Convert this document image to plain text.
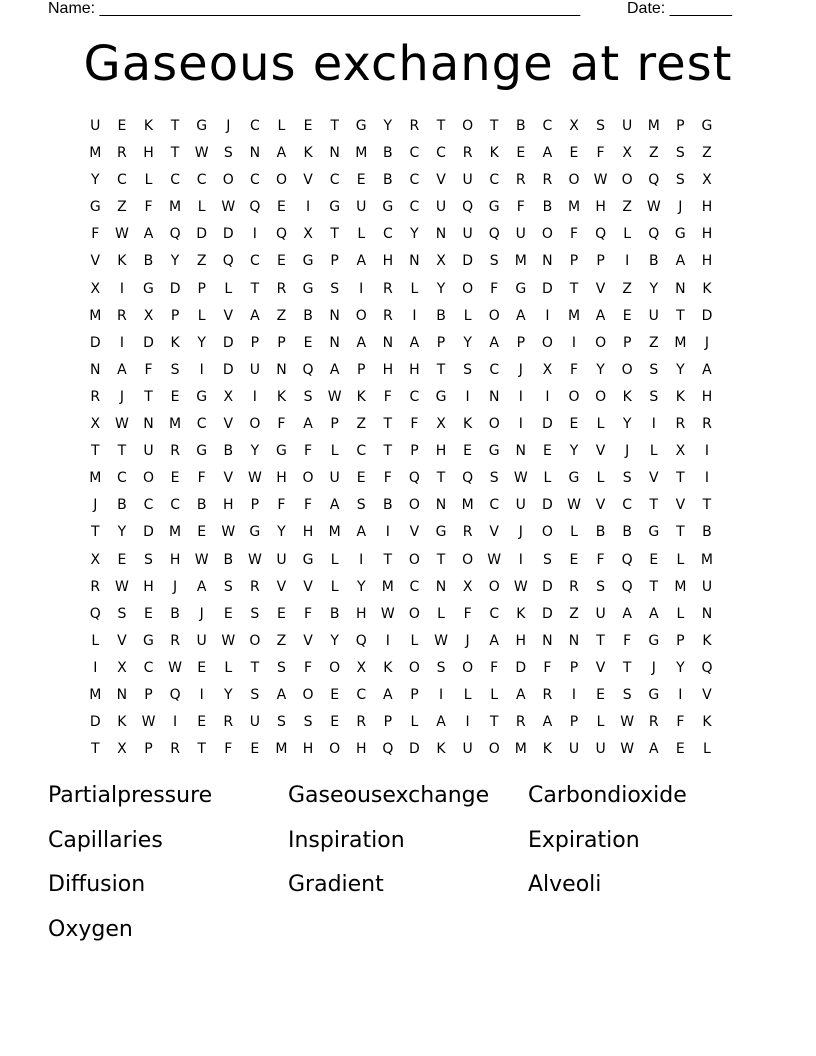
Name: ______________________________________________________	Date: _______
Gaseous exchange at rest
U	E	K	T	G	J	C	L	E	T	G	Y	R	T	O	T	B	C	X	S	U	M	P	G
M	R	H	T	W	S	N	A	K	N	M	B	C	C	R	K	E	A	E	F	X	Z	S	Z
Y	C	L	C	C	O	C	O	V	C	E	B	C	V	U	C	R	R	O	W	O	Q	S	X
G	Z	F	M	L	W	Q	E	I	G	U	G	C	U	Q	G	F	B	M	H	Z	W	J	H
F	W	A	Q	D	D	I	Q	X	T	L	C	Y	N	U	Q	U	O	F	Q	L	Q	G	H
V	K	B	Y	Z	Q	C	E	G	P	A	H	N	X	D	S	M	N	P	P	I	B	A	H
X	I	G	D	P	L	T	R	G	S	I	R	L	Y	O	F	G	D	T	V	Z	Y	N	K
M	R	X	P	L	V	A	Z	B	N	O	R	I	B	L	O	A	I	M	A	E	U	T	D
D	I	D	K	Y	D	P	P	E	N	A	N	A	P	Y	A	P	O	I	O	P	Z	M	J
N	A	F	S	I	D	U	N	Q	A	P	H	H	T	S	C	J	X	F	Y	O	S	Y	A
R	J	T	E	G	X	I	K	S	W	K	F	C	G	I	N	I	I	O	O	K	S	K	H
X	W	N	M	C	V	O	F	A	P	Z	T	F	X	K	O	I	D	E	L	Y	I	R	R
T	T	U	R	G	B	Y	G	F	L	C	T	P	H	E	G	N	E	Y	V	J	L	X	I
M	C	O	E	F	V	W	H	O	U	E	F	Q	T	Q	S	W	L	G	L	S	V	T	I
J	B	C	C	B	H	P	F	F	A	S	B	O	N	M	C	U	D	W	V	C	T	V	T
T	Y	D	M	E	W	G	Y	H	M	A	I	V	G	R	V	J	O	L	B	B	G	T	B
X	E	S	H	W	B	W	U	G	L	I	T	O	T	O	W	I	S	E	F	Q	E	L	M
R	W	H	J	A	S	R	V	V	L	Y	M	C	N	X	O	W	D	R	S	Q	T	M	U
Q	S	E	B	J	E	S	E	F	B	H	W	O	L	F	C	K	D	Z	U	A	A	L	N
L	V	G	R	U	W	O	Z	V	Y	Q	I	L	W	J	A	H	N	N	T	F	G	P	K
I	X	C	W	E	L	T	S	F	O	X	K	O	S	O	F	D	F	P	V	T	J	Y	Q
M	N	P	Q	I	Y	S	A	O	E	C	A	P	I	L	L	A	R	I	E	S	G	I	V
D	K	W	I	E	R	U	S	S	E	R	P	L	A	I	T	R	A	P	L	W	R	F	K
T	X	P	R	T	F	E	M	H	O	H	Q	D	K	U	O	M	K	U	U	W	A	E	L
Partialpressure	Gaseousexchange	Carbondioxide
Capillaries	Inspiration	Expiration
Diffusion	Gradient	Alveoli
Oxygen
